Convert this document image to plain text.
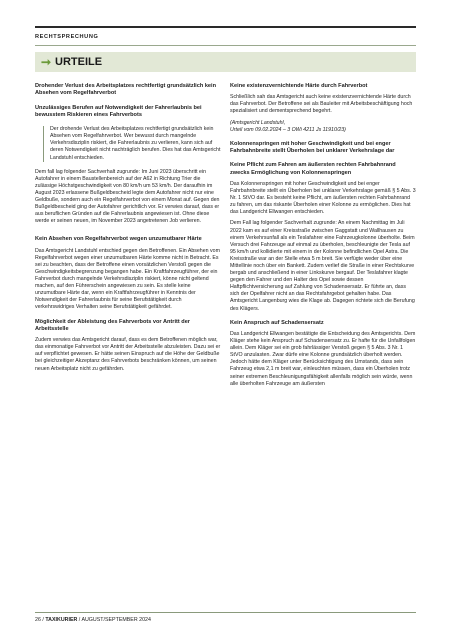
RECHTSPRECHUNG
➞ URTEILE

Drohender Verlust des Arbeitsplatzes rechtfertigt grundsätzlich kein Absehen vom Regelfahrverbot

Unzulässiges Berufen auf Notwendigkeit der Fahrerlaubnis bei bewusstem Riskieren eines Fahrverbots

Der drohende Verlust des Arbeitsplatzes rechtfertigt grundsätzlich kein Absehen vom Regelfahrverbot. Wer bewusst durch mangelnde Verkehrsdisziplin riskiert, die Fahrerlaubnis zu verlieren, kann sich auf deren Notwendigkeit nicht nachträglich berufen. Dies hat das Amtsgericht Landstuhl entschieden.

Dem fall lag folgender Sachverhalt zugrunde: Im Juni 2023 überschritt ein Autofahrer in einem Baustellenbereich auf der A62 in Richtung Trier die zulässige Höchstgeschwindigkeit von 80 km/h um 53 km/h. Der daraufhin im August 2023 erlassene Bußgeldbescheid legte dem Autofahrer nicht nur eine Geldbuße, sondern auch ein Regelfahrverbot von einem Monat auf. Gegen den Bußgeldbescheid ging der Autofahrer gerichtlich vor. Er verwies darauf, dass er aus beruflichen Gründen auf die Fahrerlaubnis angewiesen ist. Ohne diese werde er seinen neuen, im November 2023 angetretenen Job verlieren.

Kein Absehen von Regelfahrverbot wegen unzumutbarer Härte

Das Amtsgericht Landstuhl entschied gegen den Betroffenen. Ein Absehen vom Regelfahrverbot wegen einer unzumutbaren Härte komme nicht in Betracht. Es sei zu beachten, dass der Betroffene einen vorsätzlichen Verstoß gegen die Geschwindigkeitsbegrenzung begangen habe. Ein Kraftfahrzeugführer, der ein Fahrverbot durch mangelnde Verkehrsdisziplin riskiert, könne nicht geltend machen, auf den Führerschein angewiesen zu sein. Es stelle keine unzumutbare Härte dar, wenn ein Kraftfahrzeugführer in Kenntnis der Notwendigkeit der Fahrerlaubnis für seine Berufstätigkeit durch verkehrswidriges Verhalten seine Berufstätigkeit gefährdet.

Möglichkeit der Ableistung des Fahrverbots vor Antritt der Arbeitsstelle

Zudem verwies das Amtsgericht darauf, dass es dem Betroffenen möglich war, das einmonatige Fahrverbot vor Antritt der Arbeitsstelle abzuleisten. Dazu sei er auf verpflichtet gewesen. Er hätte seinen Einspruch auf die Höhe der Geldbuße bei gleichzeitiger Akzeptanz des Fahrverbots beschränken können, um seinen neuen Arbeitsplatz nicht zu gefährden.

Keine existenzvernichtende Härte durch Fahrverbot

Schließlich sah das Amtsgericht auch keine existenzvernichtende Härte durch das Fahrverbot. Der Betroffene sei als Bauleiter mit Arbeitsbeschäftigung hoch spezialisiert und dementsprechend begehrt.

(Amtsgericht Landstuhl,

Urteil vom 09.02.2024 – 3 OWi 4211 Js 11910/23)

Kolonnenspringen mit hoher Geschwindigkeit und bei enger Fahrbahnbreite stellt Überholen bei unklarer Verkehrslage dar

Keine Pflicht zum Fahren am äußersten rechten Fahrbahnrand zwecks Ermöglichung von Kolonnenspringen

Das Kolonnenspringen mit hoher Geschwindigkeit und bei enger Fahrbahnbreite stellt ein Überholen bei unklarer Verkehrslage gemäß § 5 Abs. 3 Nr. 1 StVO dar. Es besteht keine Pflicht, am äußersten rechten Fahrbahnrand zu fahren, um das riskante Überholen einer Kolonne zu ermöglichen. Dies hat das Landgericht Ellwangen entschieden.

Dem Fall lag folgender Sachverhalt zugrunde: An einem Nachmittag im Juli 2022 kam es auf einer Kreisstraße zwischen Gaggstatt und Wallhausen zu einem Verkehrsunfall als ein Teslafahrer eine Fahrzeugkolonne überholte. Beim Versuch drei Fahrzeuge auf einmal zu überholen, beschleunigte der Tesla auf 95 km/h und kollidierte mit einem in der Kolonne befindlichen Opel Astra. Die Kreisstraße war an der Stelle etwa 5 m breit. Sie verfügte weder über eine Mittellinie noch über ein Bankett. Zudem verlief die Straße in einer Rechtskurve bergab und anschließend in einer Linkskurve bergauf. Der Teslafahrer klagte gegen den Fahrer und den Halter des Opel sowie dessen Haftpflichtversicherung auf Zahlung von Schadensersatz. Er führte an, dass sich der Opelfahrer nicht an das Rechtsfahrgebot gehalten habe. Das Amtsgericht Langenburg wies die Klage ab. Dagegen richtete sich die Berufung des Klägers.

Kein Anspruch auf Schadensersatz

Das Landgericht Ellwangen bestätigte die Entscheidung des Amtsgerichts. Dem Kläger stehe kein Anspruch auf Schadensersatz zu. Er hafte für die Unfallfolgen allein. Dem Kläger sei ein grob fahrlässiger Verstoß gegen § 5 Abs. 3 Nr. 1 StVO anzulasten. Zwar dürfe eine Kolonne grundsätzlich überholt werden. Jedoch hätte dem Kläger unter Berücksichtigung des Umstands, dass sein Fahrzeug etwa 2,1 m breit war, einleuchten müssen, dass ein Überholen trotz seiner extremen Beschleunigungsfähigkeit allenfalls möglich sein würde, wenn alle überholten Fahrzeuge am äußersten

26 / TAXIKURIER / AUGUST/SEPTEMBER 2024
